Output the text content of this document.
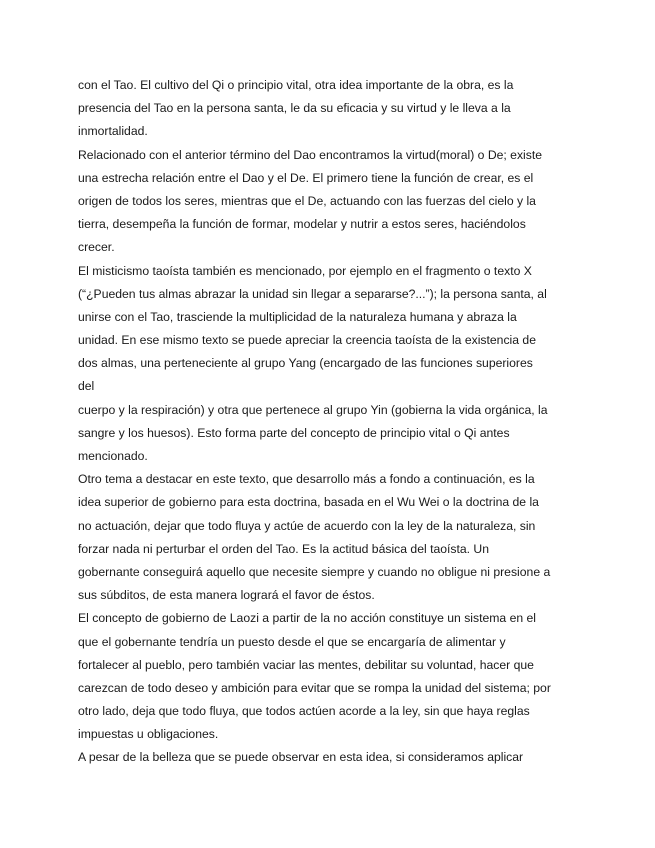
con el Tao. El cultivo del Qi o principio vital, otra idea importante de la obra, es la
presencia del Tao en la persona santa, le da su eficacia y su virtud y le lleva a la
inmortalidad.
Relacionado con el anterior término del Dao encontramos la virtud(moral) o De; existe
una estrecha relación entre el Dao y el De. El primero tiene la función de crear, es el
origen de todos los seres, mientras que el De, actuando con las fuerzas del cielo y la
tierra, desempeña la función de formar, modelar y nutrir a estos seres, haciéndolos
crecer.
El misticismo taoísta también es mencionado, por ejemplo en el fragmento o texto X
(“¿Pueden tus almas abrazar la unidad sin llegar a separarse?...”); la persona santa, al
unirse con el Tao, trasciende la multiplicidad de la naturaleza humana y abraza la
unidad. En ese mismo texto se puede apreciar la creencia taoísta de la existencia de
dos almas, una perteneciente al grupo Yang (encargado de las funciones superiores
del
cuerpo y la respiración) y otra que pertenece al grupo Yin (gobierna la vida orgánica, la
sangre y los huesos). Esto forma parte del concepto de principio vital o Qi antes
mencionado.
Otro tema a destacar en este texto, que desarrollo más a fondo a continuación, es la
idea superior de gobierno para esta doctrina, basada en el Wu Wei o la doctrina de la
no actuación, dejar que todo fluya y actúe de acuerdo con la ley de la naturaleza, sin
forzar nada ni perturbar el orden del Tao. Es la actitud básica del taoísta. Un
gobernante conseguirá aquello que necesite siempre y cuando no obligue ni presione a
sus súbditos, de esta manera logrará el favor de éstos.
El concepto de gobierno de Laozi a partir de la no acción constituye un sistema en el
que el gobernante tendría un puesto desde el que se encargaría de alimentar y
fortalecer al pueblo, pero también vaciar las mentes, debilitar su voluntad, hacer que
carezcan de todo deseo y ambición para evitar que se rompa la unidad del sistema; por
otro lado, deja que todo fluya, que todos actúen acorde a la ley, sin que haya reglas
impuestas u obligaciones.
A pesar de la belleza que se puede observar en esta idea, si consideramos aplicar
